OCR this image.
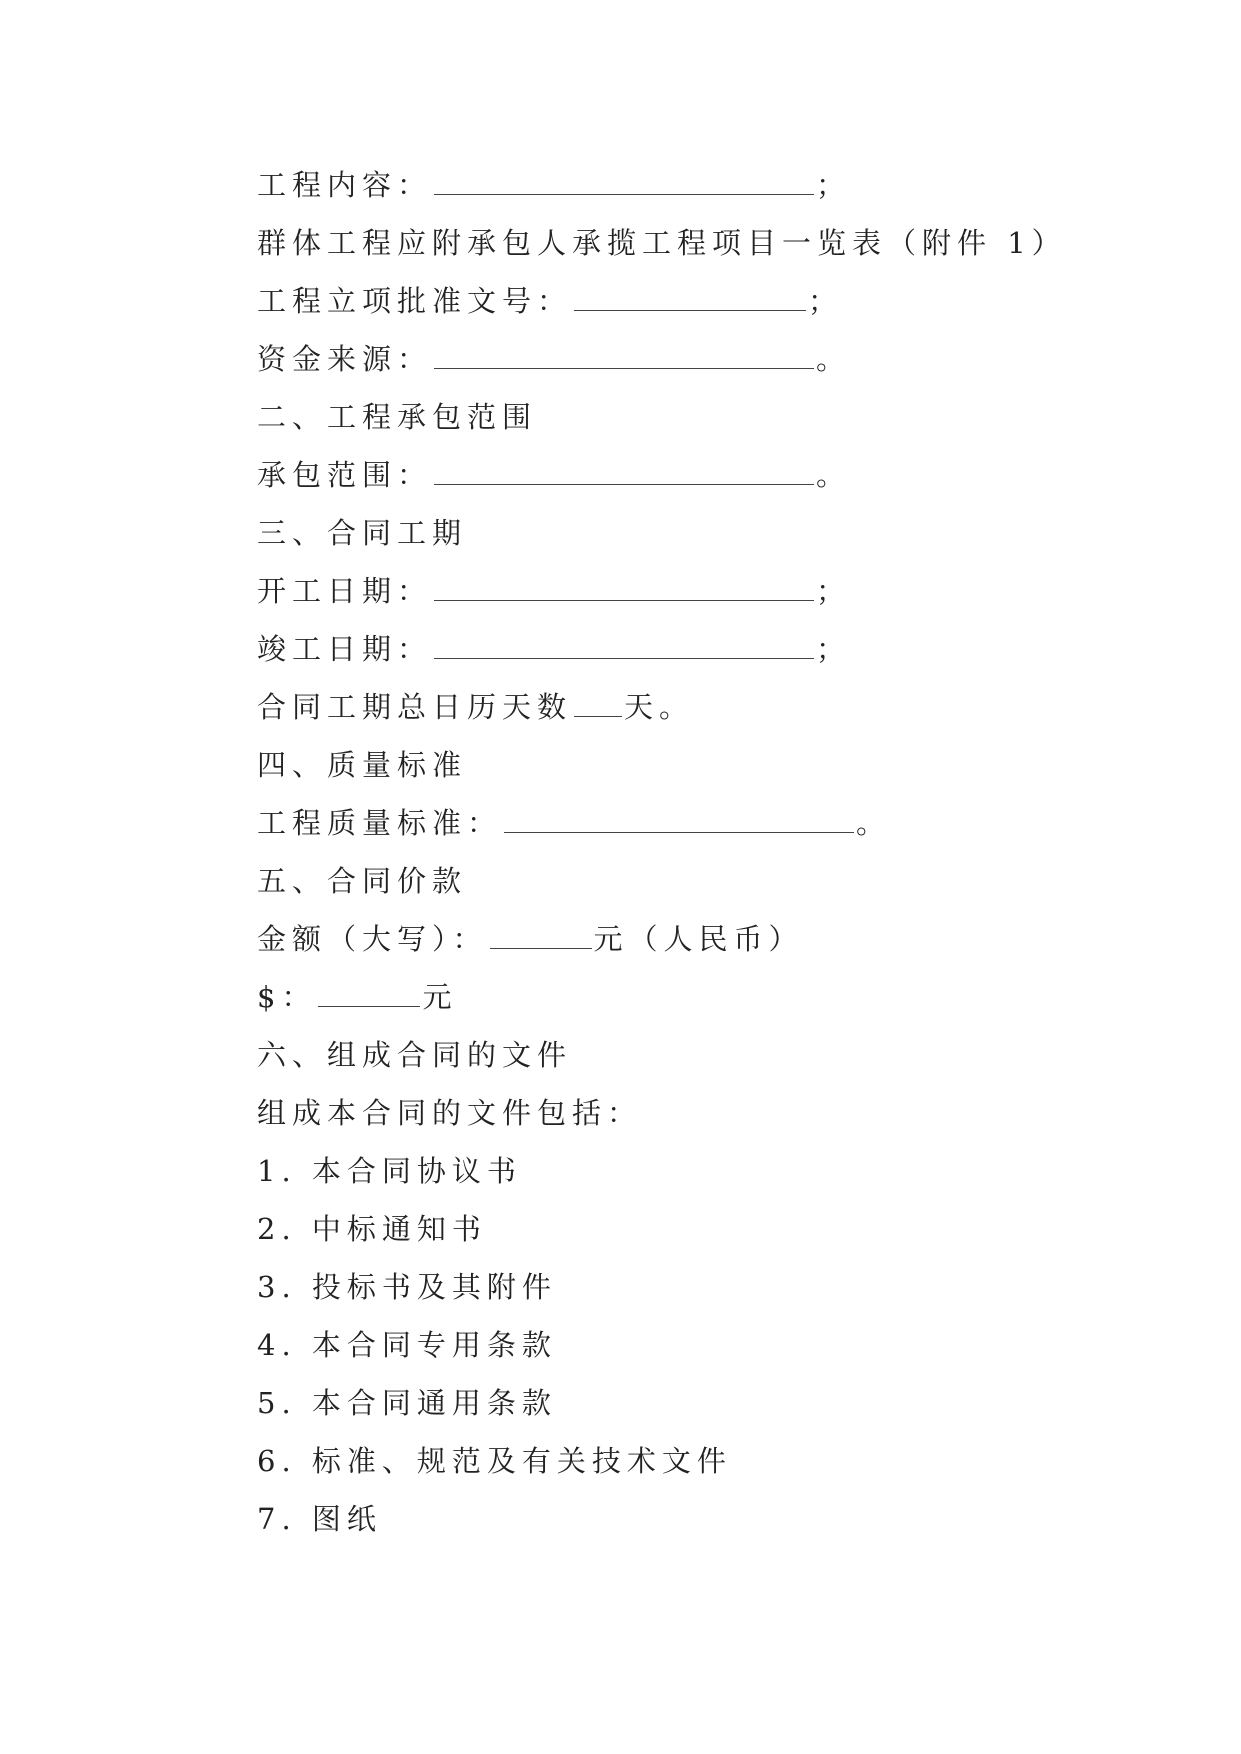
工程内容：	；
群体工程应附承包人承揽工程项目一览表（附件 1）
工程立项批准文号：	；
资金来源：	。
二、工程承包范围
承包范围：	。
三、合同工期
开工日期：	；
竣工日期：	；
合同工期总日历天数 天。
四、质量标准
工程质量标准：	。
五、合同价款
金额（大写）：	元（人民币）
$：	元
六、组成合同的文件
组成本合同的文件包括：
1. 本合同协议书
2. 中标通知书
3. 投标书及其附件
4. 本合同专用条款
5. 本合同通用条款
6. 标准、规范及有关技术文件
7. 图纸
